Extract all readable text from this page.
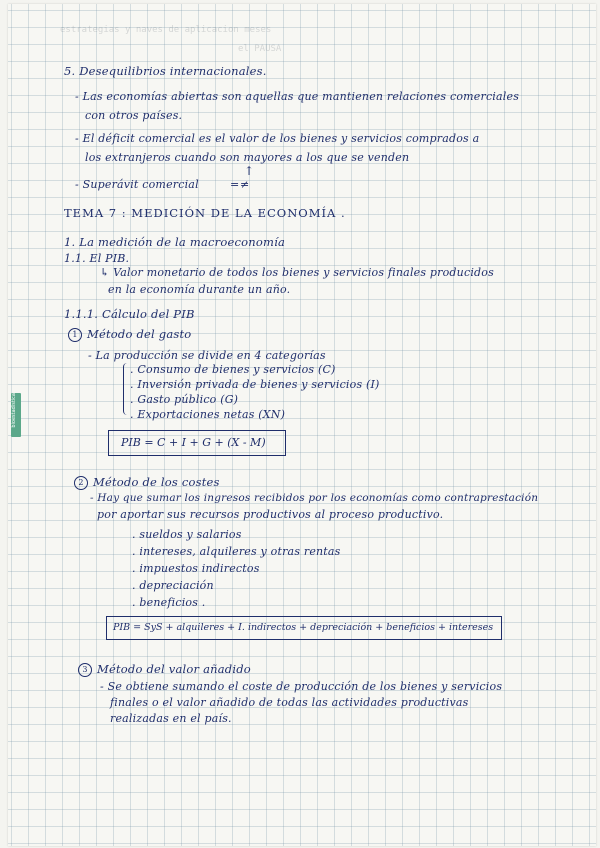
estrategias y naves de aplicacion meses
el PAUSA
bioestadistica
5. Desequilibrios internacionales.
- Las economías abiertas son aquellas que mantienen relaciones comerciales
con otros países.
- El déficit comercial es el valor de los bienes y servicios comprados a
los extranjeros cuando son mayores a los que se venden
↑
- Superávit comercial	= ≠
TEMA 7 : MEDICIÓN DE LA ECONOMÍA .
1. La medición de la macroeconomía
1.1. El PIB.
↳ Valor monetario de todos los bienes y servicios finales producidos
en la economía durante un año.
1.1.1. Cálculo del PIB
1 Método del gasto
- La producción se divide en 4 categorías
. Consumo de bienes y servicios (C)
. Inversión privada de bienes y servicios (I)
. Gasto público (G)
. Exportaciones netas (XN)
PIB = C + I + G + (X - M)
2 Método de los costes
- Hay que sumar los ingresos recibidos por los economías como contraprestación
por aportar sus recursos productivos al proceso productivo.
. sueldos y salarios
. intereses, alquileres y otras rentas
. impuestos indirectos
. depreciación
. beneficios .
PIB = SyS + alquileres + I. indirectos + depreciación + beneficios + intereses
3 Método del valor añadido
- Se obtiene sumando el coste de producción de los bienes y servicios
finales o el valor añadido de todas las actividades productivas
realizadas en el país.
